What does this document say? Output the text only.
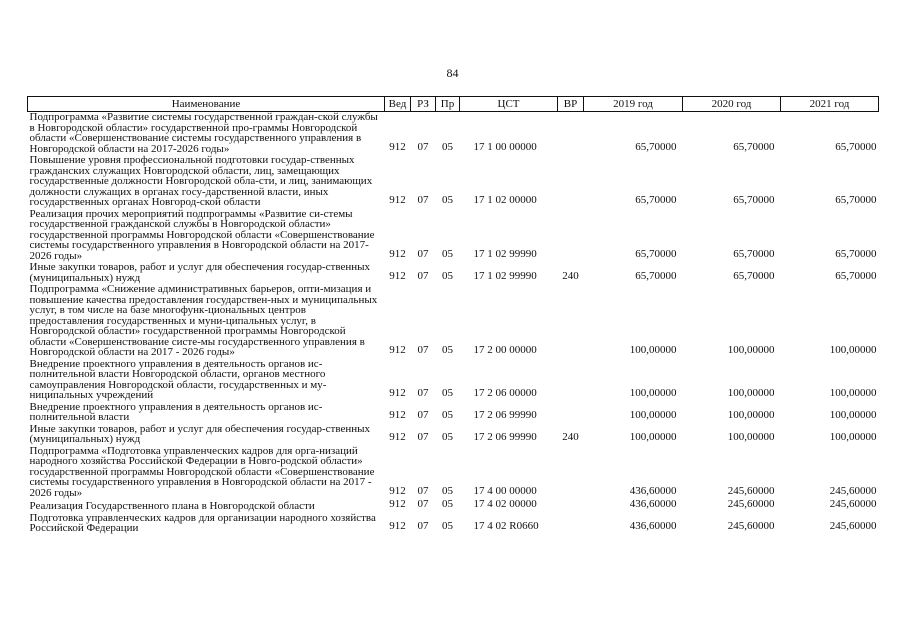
84
Наименование	Вед	РЗ	Пр	ЦСТ	ВР	2019 год	2020 год	2021 год
Подпрограмма «Развитие системы государственной граждан-ской службы в Новгородской области» государственной про-граммы Новгородской области «Совершенствование системы государственного управления в Новгородской области на 2017-2026 годы»	912	07	05	17 1 00 00000		65,70000	65,70000	65,70000
Повышение уровня профессиональной подготовки государ-ственных гражданских служащих Новгородской области, лиц, замещающих государственные должности Новгородской обла-сти, и лиц, занимающих должности служащих в органах госу-дарственной власти, иных государственных органах Новгород-ской области	912	07	05	17 1 02 00000		65,70000	65,70000	65,70000
Реализация прочих мероприятий подпрограммы «Развитие си-стемы государственной гражданской службы в Новгородской области» государственной программы Новгородской области «Совершенствование системы государственного управления в Новгородской области на 2017-2026 годы»	912	07	05	17 1 02 99990		65,70000	65,70000	65,70000
Иные закупки товаров, работ и услуг для обеспечения государ-ственных (муниципальных) нужд	912	07	05	17 1 02 99990	240	65,70000	65,70000	65,70000
Подпрограмма «Снижение административных барьеров, опти-мизация и повышение качества предоставления государствен-ных и муниципальных услуг, в том числе на базе многофунк-циональных центров предоставления государственных и муни-ципальных услуг, в Новгородской области» государственной программы Новгородской области «Совершенствование систе-мы государственного управления в Новгородской области на 2017 - 2026 годы»	912	07	05	17 2 00 00000		100,00000	100,00000	100,00000
Внедрение проектного управления в деятельность органов ис-полнительной власти Новгородской области, органов местного самоуправления Новгородской области, государственных и му-ниципальных учреждений	912	07	05	17 2 06 00000		100,00000	100,00000	100,00000
Внедрение проектного управления в деятельность органов ис-полнительной власти	912	07	05	17 2 06 99990		100,00000	100,00000	100,00000
Иные закупки товаров, работ и услуг для обеспечения государ-ственных (муниципальных) нужд	912	07	05	17 2 06 99990	240	100,00000	100,00000	100,00000
Подпрограмма «Подготовка управленческих кадров для орга-низаций народного хозяйства Российской Федерации в Новго-родской области» государственной программы Новгородской области «Совершенствование системы государственного управления в Новгородской области на 2017 - 2026 годы»	912	07	05	17 4 00 00000		436,60000	245,60000	245,60000
Реализация Государственного плана в Новгородской области	912	07	05	17 4 02 00000		436,60000	245,60000	245,60000
Подготовка управленческих кадров для организации народного хозяйства Российской Федерации	912	07	05	17 4 02 R0660		436,60000	245,60000	245,60000
